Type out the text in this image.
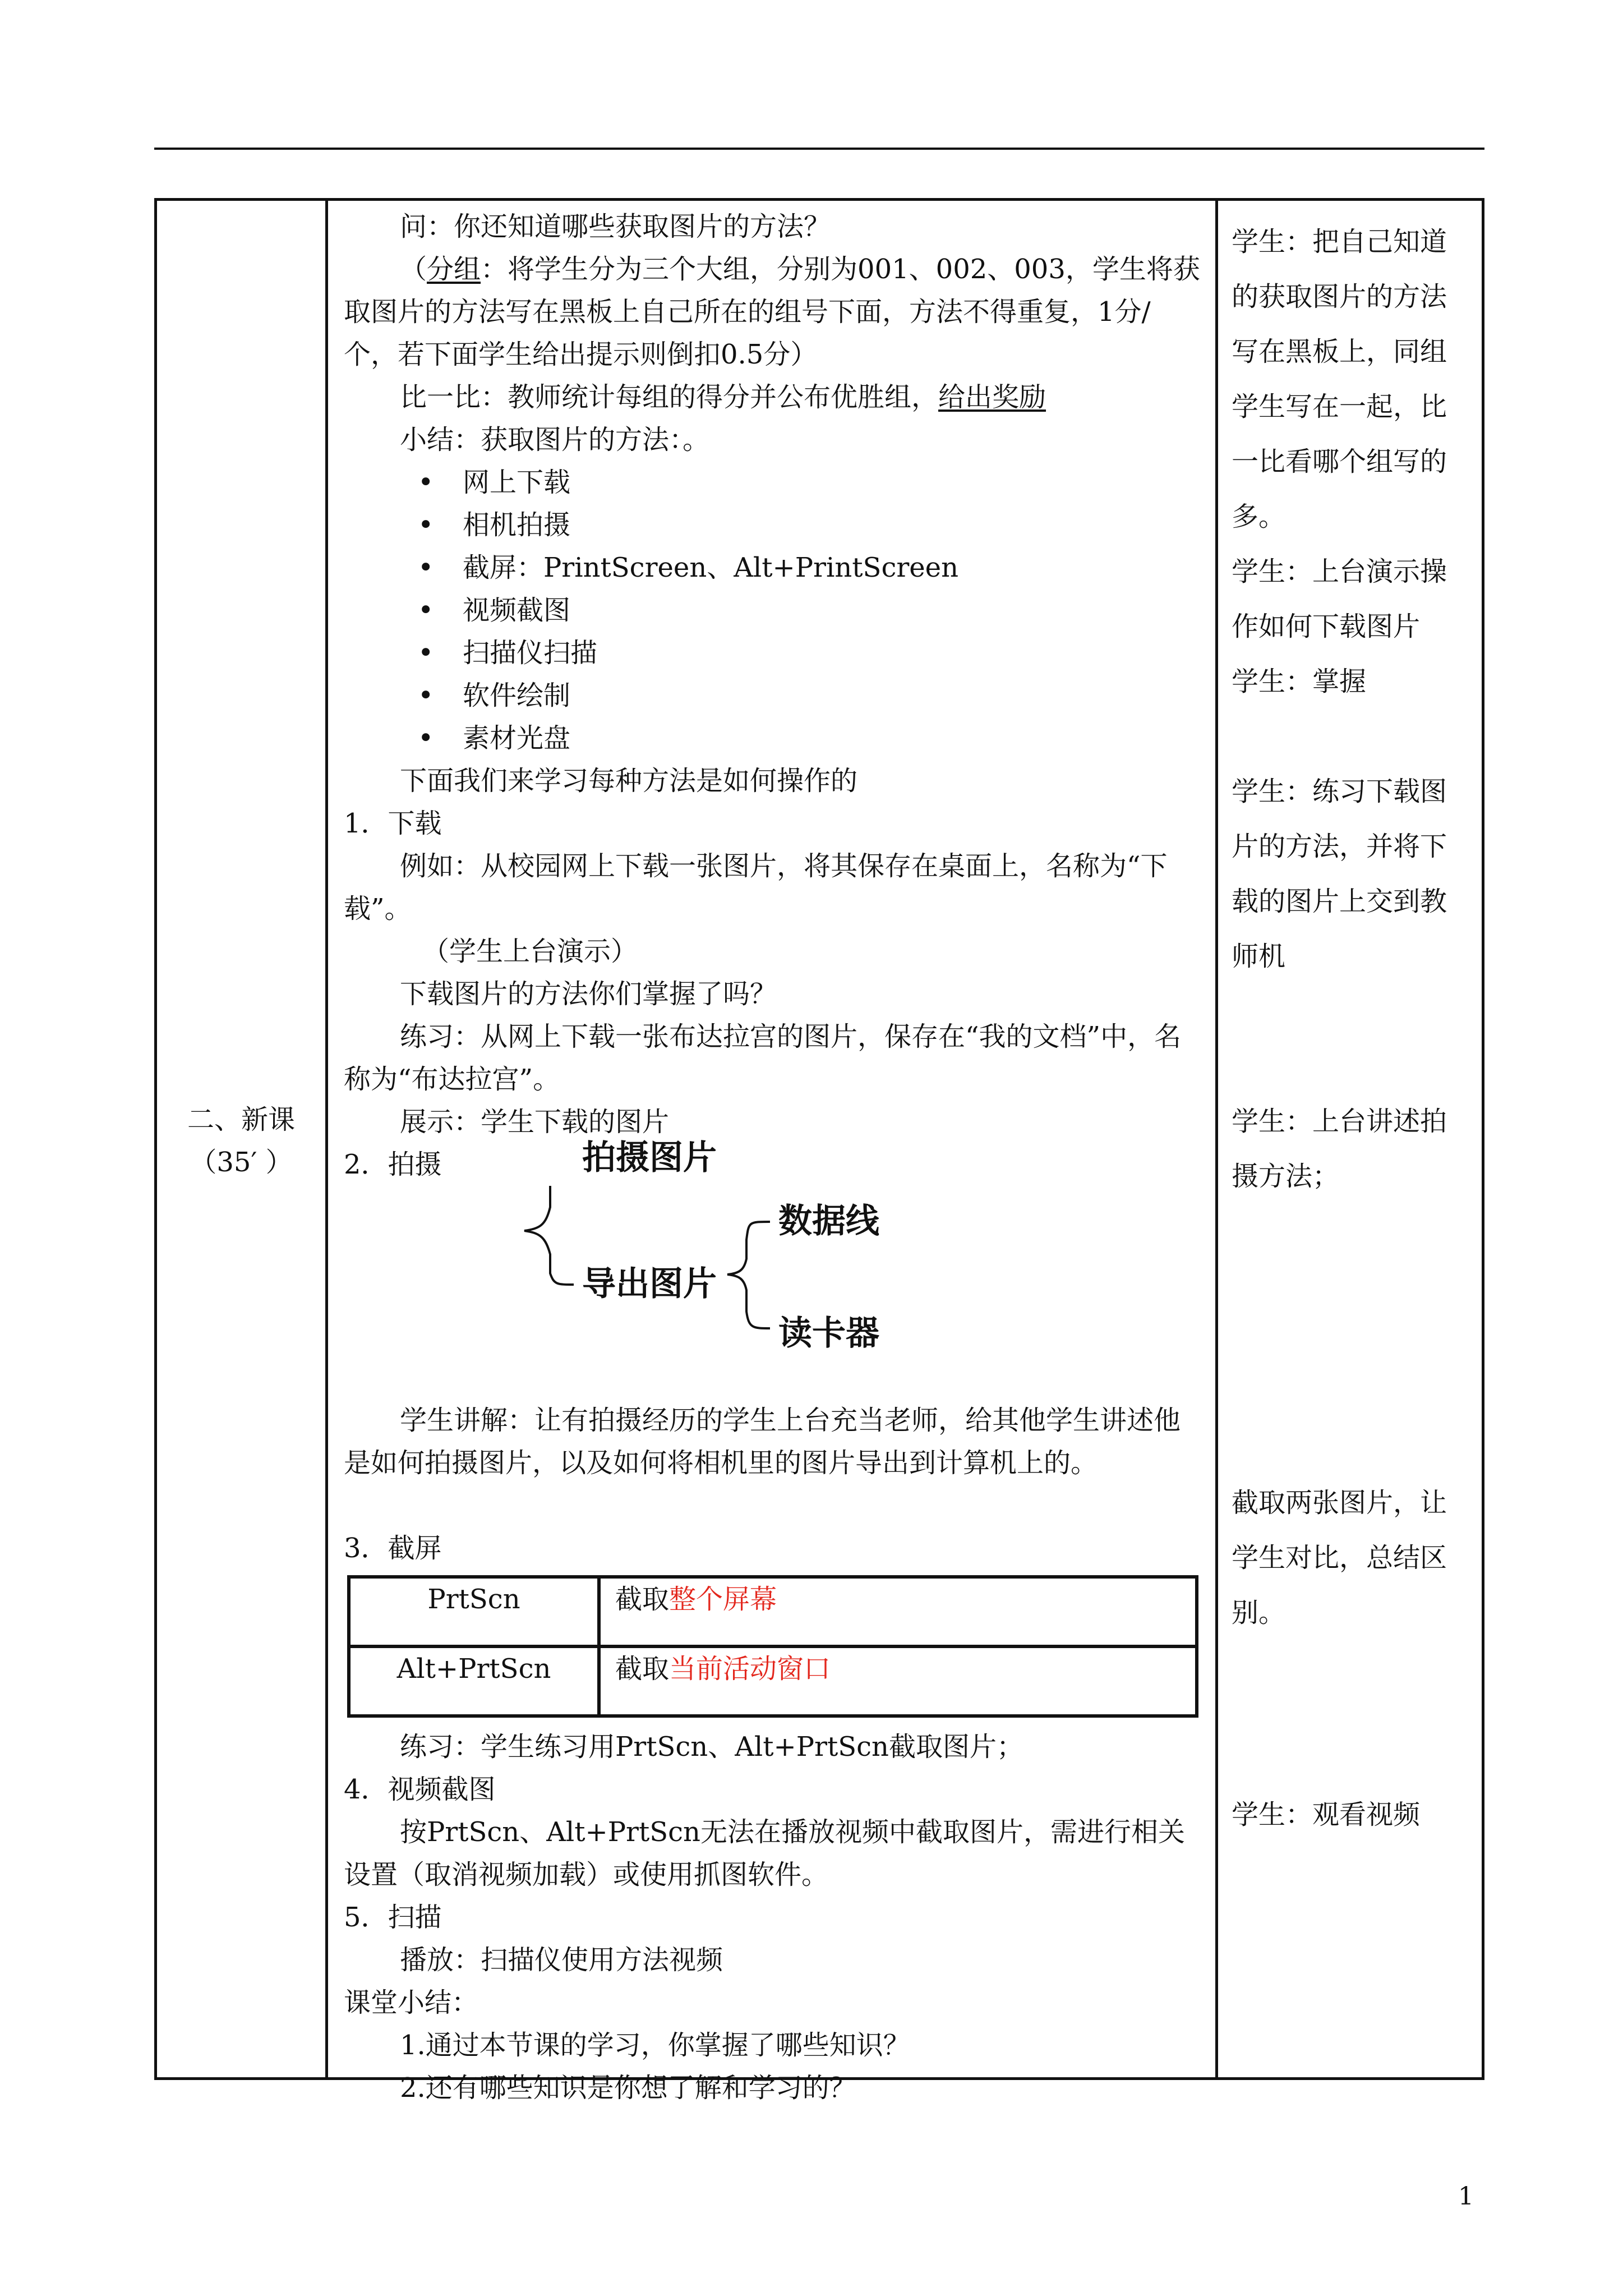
二、新课
（35′ ）

问：你还知道哪些获取图片的方法？
（分组：将学生分为三个大组，分别为001、002、003，学生将获取图片的方法写在黑板上自己所在的组号下面，方法不得重复，1分/个，若下面学生给出提示则倒扣0.5分）
比一比：教师统计每组的得分并公布优胜组，给出奖励
小结：获取图片的方法：。
• 网上下载
• 相机拍摄
• 截屏：PrintScreen、Alt+PrintScreen
• 视频截图
• 扫描仪扫描
• 软件绘制
• 素材光盘
下面我们来学习每种方法是如何操作的
1．下载
例如：从校园网上下载一张图片，将其保存在桌面上，名称为“下载”。
（学生上台演示）
下载图片的方法你们掌握了吗？
练习：从网上下载一张布达拉宫的图片，保存在“我的文档”中，名称为“布达拉宫”。
展示：学生下载的图片
2．拍摄	拍摄图片
导出图片
数据线
读卡器
学生讲解：让有拍摄经历的学生上台充当老师，给其他学生讲述他是如何拍摄图片，以及如何将相机里的图片导出到计算机上的。
3．截屏
PrtScn	截取整个屏幕
Alt+PrtScn	截取当前活动窗口
练习：学生练习用PrtScn、Alt+PrtScn截取图片；
4．视频截图
按PrtScn、Alt+PrtScn无法在播放视频中截取图片，需进行相关设置（取消视频加载）或使用抓图软件。
5．扫描
播放：扫描仪使用方法视频
课堂小结：
1.通过本节课的学习，你掌握了哪些知识？
2.还有哪些知识是你想了解和学习的？

学生：把自己知道的获取图片的方法写在黑板上，同组学生写在一起，比一比看哪个组写的多。
学生：上台演示操作如何下载图片
学生：掌握
学生：练习下载图片的方法，并将下载的图片上交到教师机
学生：上台讲述拍摄方法；
截取两张图片，让学生对比，总结区别。
学生：观看视频
1
